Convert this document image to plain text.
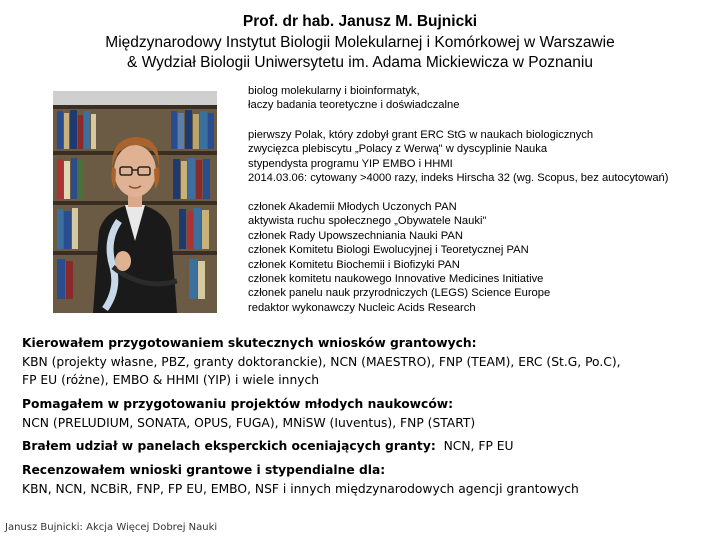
Prof. dr hab. Janusz M. Bujnicki
Międzynarodowy Instytut Biologii Molekularnej i Komórkowej w Warszawie
& Wydział Biologii Uniwersytetu im. Adama Mickiewicza w Poznaniu
biolog molekularny i bioinformatyk,
łaczy badania teoretyczne i doświadczalne
pierwszy Polak, który zdobył grant ERC StG w naukach biologicznych
zwycięzca plebiscytu „Polacy z Werwą" w dyscyplinie Nauka
stypendysta programu YIP EMBO i HHMI
2014.03.06: cytowany >4000 razy, indeks Hirscha 32 (wg. Scopus, bez autocytowań)
członek Akademii Młodych Uczonych PAN
aktywista ruchu społecznego „Obywatele Nauki"
członek Rady Upowszechniania Nauki PAN
członek Komitetu Biologi Ewolucyjnej i Teoretycznej PAN
członek Komitetu Biochemii i Biofizyki PAN
członek komitetu naukowego Innovative Medicines Initiative
członek panelu nauk przyrodniczych (LEGS) Science Europe
redaktor wykonawczy Nucleic Acids Research
Kierowałem przygotowaniem skutecznych wniosków grantowych:
KBN (projekty własne, PBZ, granty doktoranckie), NCN (MAESTRO), FNP (TEAM), ERC (St.G, Po.C),
FP EU (różne), EMBO & HHMI (YIP) i wiele innych
Pomagałem w przygotowaniu projektów młodych naukowców:
NCN (PRELUDIUM, SONATA, OPUS, FUGA), MNiSW (Iuventus), FNP (START)
Brałem udział w panelach eksperckich oceniających granty:  NCN, FP EU
Recenzowałem wnioski grantowe i stypendialne dla:
KBN, NCN, NCBiR, FNP, FP EU, EMBO, NSF i innych międzynarodowych agencji grantowych
Janusz Bujnicki: Akcja Więcej Dobrej Nauki
